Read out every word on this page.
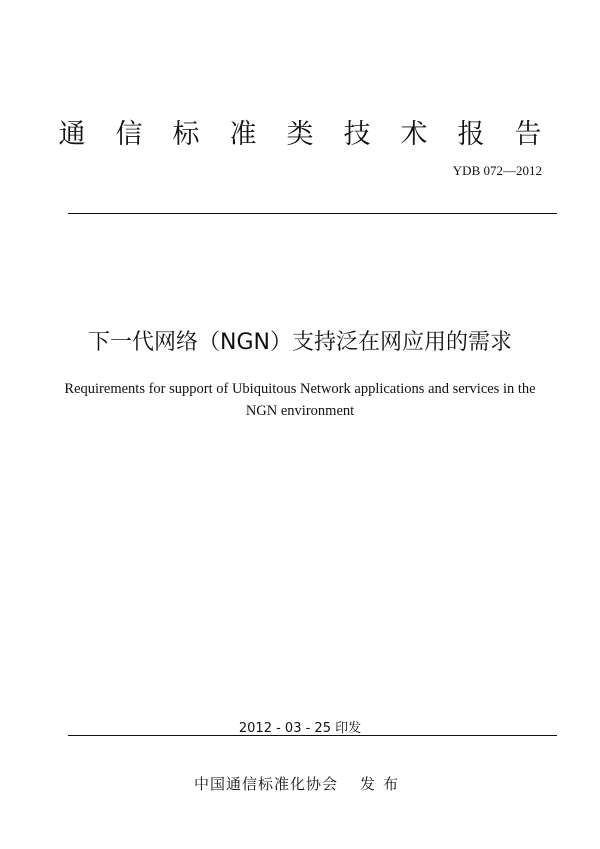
通信标准类技术报告
YDB 072—2012
下一代网络（NGN）支持泛在网应用的需求
Requirements for support of Ubiquitous Network applications and services in the
NGN environment
2012 - 03 - 25 印发
中国通信标准化协会 发布
